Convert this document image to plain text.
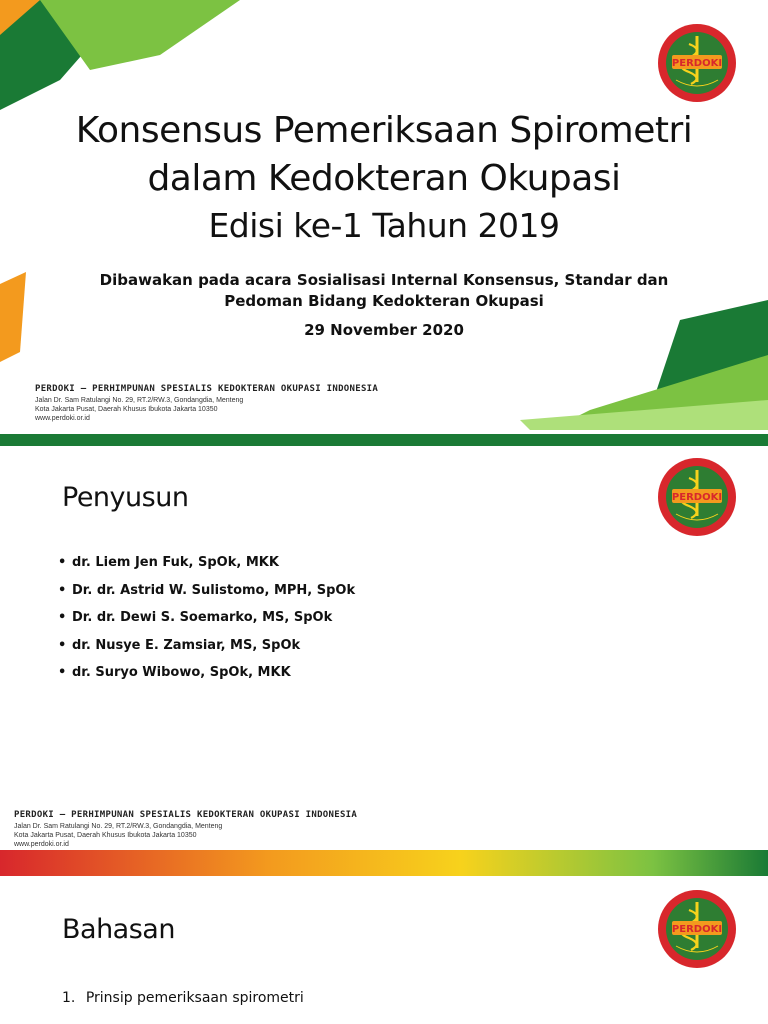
PERDOKI
Konsensus Pemeriksaan Spirometri
dalam Kedokteran Okupasi
Edisi ke-1 Tahun 2019
Dibawakan pada acara Sosialisasi Internal Konsensus, Standar dan
Pedoman Bidang Kedokteran Okupasi
29 November 2020
PERDOKI – PERHIMPUNAN SPESIALIS KEDOKTERAN OKUPASI INDONESIA
Jalan Dr. Sam Ratulangi No. 29, RT.2/RW.3, Gondangdia, Menteng
Kota Jakarta Pusat, Daerah Khusus Ibukota Jakarta 10350
www.perdoki.or.id
PERDOKI
Penyusun
• dr. Liem Jen Fuk, SpOk, MKK
• Dr. dr. Astrid W. Sulistomo, MPH, SpOk
• Dr. dr. Dewi S. Soemarko, MS, SpOk
• dr. Nusye E. Zamsiar, MS, SpOk
• dr. Suryo Wibowo, SpOk, MKK
PERDOKI – PERHIMPUNAN SPESIALIS KEDOKTERAN OKUPASI INDONESIA
Jalan Dr. Sam Ratulangi No. 29, RT.2/RW.3, Gondangdia, Menteng
Kota Jakarta Pusat, Daerah Khusus Ibukota Jakarta 10350
www.perdoki.or.id
PERDOKI
Bahasan
1. Prinsip pemeriksaan spirometri
